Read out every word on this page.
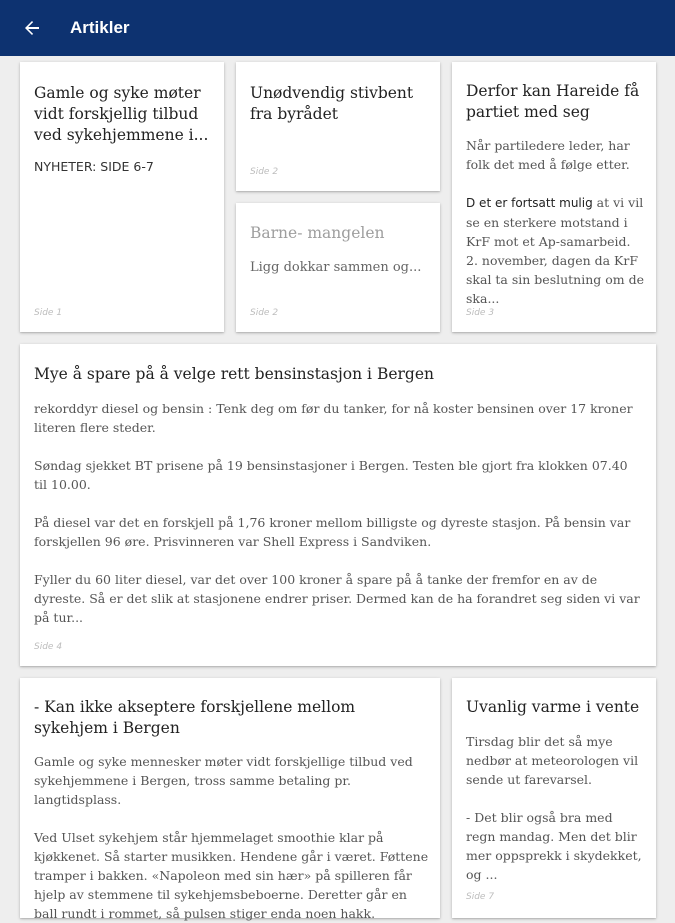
Artikler
Gamle og syke møter vidt forskjellig tilbud ved sykehjemmene i...
NYHETER: SIDE 6-7
Side 1
Unødvendig stivbent fra byrådet
Side 2
Barne- mangelen
Ligg dokkar sammen og...
Side 2
Derfor kan Hareide få partiet med seg
Når partiledere leder, har folk det med å følge etter.
D et er fortsatt mulig at vi vil se en sterkere motstand i KrF mot et Ap-samarbeid. 2. november, dagen da KrF skal ta sin beslutning om de ska...
Side 3
Mye å spare på å velge rett bensinstasjon i Bergen

rekorddyr diesel og bensin : Tenk deg om før du tanker, for nå koster bensinen over 17 kroner literen flere steder.

Søndag sjekket BT prisene på 19 bensinstasjoner i Bergen. Testen ble gjort fra klokken 07.40 til 10.00.

På diesel var det en forskjell på 1,76 kroner mellom billigste og dyreste stasjon. På bensin var forskjellen 96 øre. Prisvinneren var Shell Express i Sandviken.

Fyller du 60 liter diesel, var det over 100 kroner å spare på å tanke der fremfor en av de dyreste. Så er det slik at stasjonene endrer priser. Dermed kan de ha forandret seg siden vi var på tur...

Side 4
- Kan ikke akseptere forskjellene mellom sykehjem i Bergen

Gamle og syke mennesker møter vidt forskjellige tilbud ved sykehjemmene i Bergen, tross samme betaling pr. langtidsplass.

Ved Ulset sykehjem står hjemmelaget smoothie klar på kjøkkenet. Så starter musikken. Hendene går i været. Føttene tramper i bakken. «Napoleon med sin hær» på spilleren får hjelp av stemmene til sykehjemsbeboerne. Deretter går en ball rundt i rommet, så pulsen stiger enda noen hakk.

Uvanlig varme i vente

Tirsdag blir det så mye nedbør at meteorologen vil sende ut farevarsel.

- Det blir også bra med regn mandag. Men det blir mer oppsprekk i skydekket, og ...

Side 7
